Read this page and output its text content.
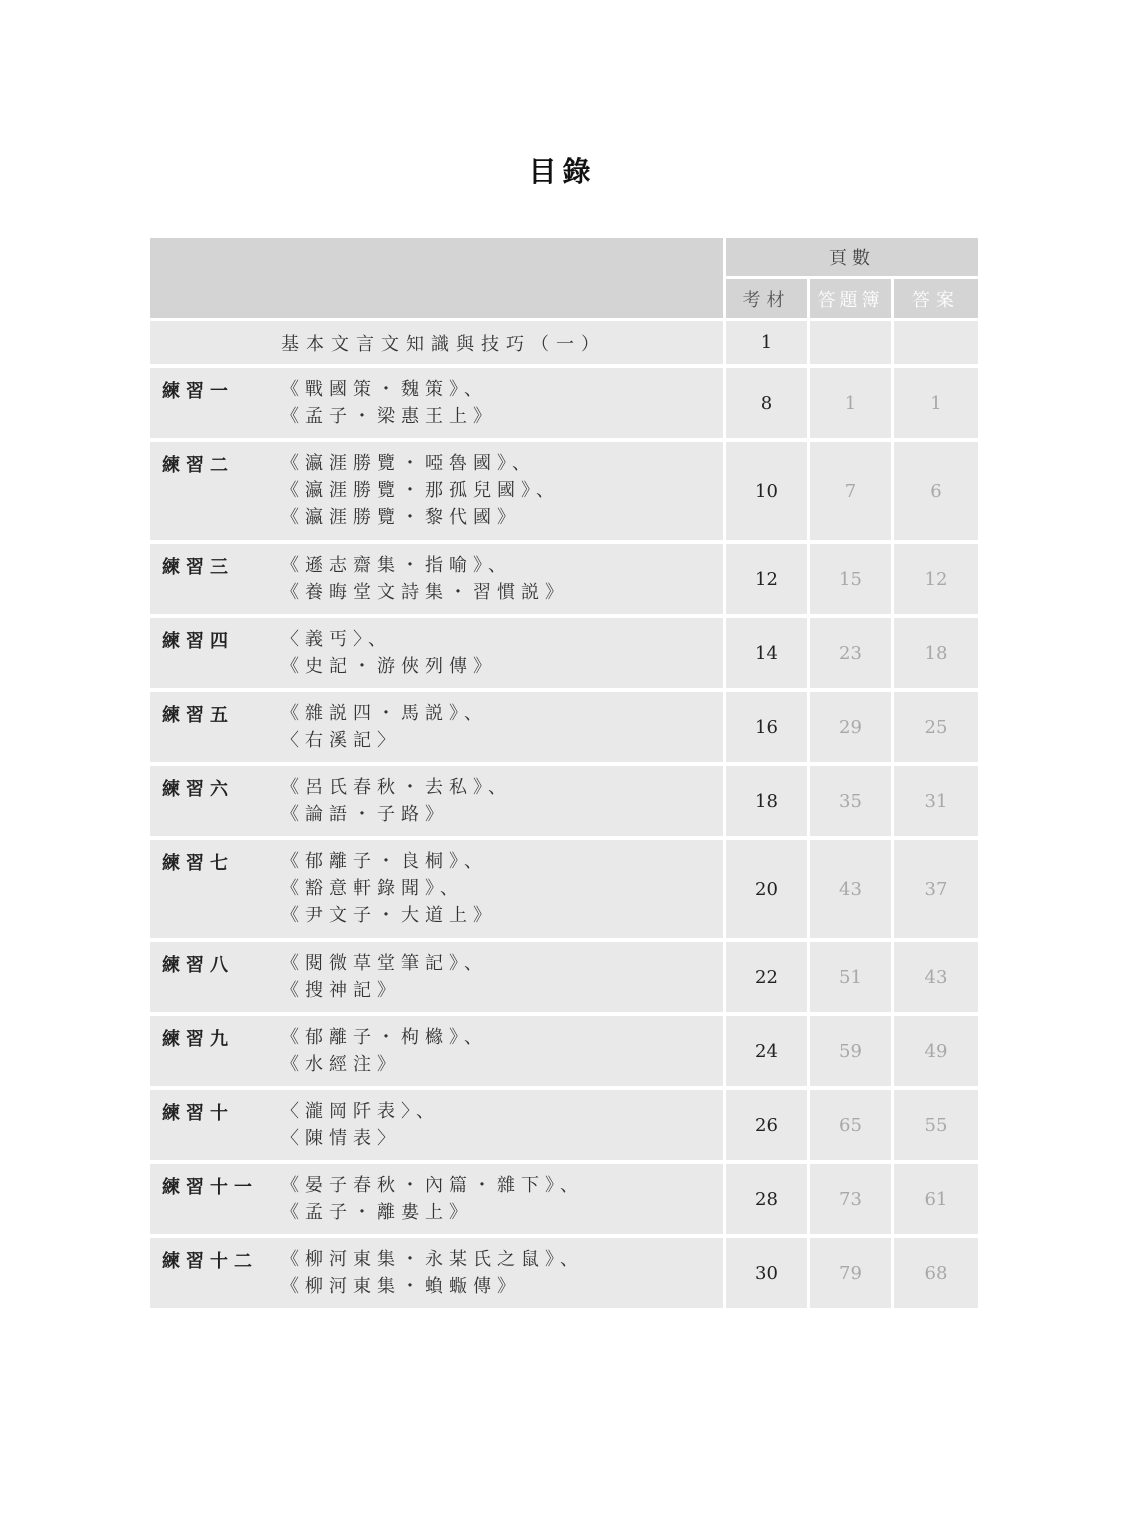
目錄
頁數
考材	答題簿	答案
基本文言文知識與技巧（一）	1
練習一	《戰國策・魏策》、
《孟子・梁惠王上》
8	1	1
練習二	《瀛涯勝覽・啞魯國》、
《瀛涯勝覽・那孤兒國》、
《瀛涯勝覽・黎代國》
10	7	6
練習三	《遜志齋集・指喻》、
《養晦堂文詩集・習慣説》
12	15	12
練習四	〈義丐〉、
《史記・游俠列傳》
14	23	18
練習五	《雜説四・馬説》、
〈右溪記〉
16	29	25
練習六	《呂氏春秋・去私》、
《論語・子路》
18	35	31
練習七	《郁離子・良桐》、
《豁意軒錄聞》、
《尹文子・大道上》
20	43	37
練習八	《閱微草堂筆記》、
《搜神記》
22	51	43
練習九	《郁離子・枸櫞》、
《水經注》
24	59	49
練習十	〈瀧岡阡表〉、
〈陳情表〉
26	65	55
練習十一 《晏子春秋・內篇・雜下》、
《孟子・離婁上》
28	73	61
練習十二 《柳河東集・永某氏之鼠》、
《柳河東集・蝜蝂傳》
30	79	68
